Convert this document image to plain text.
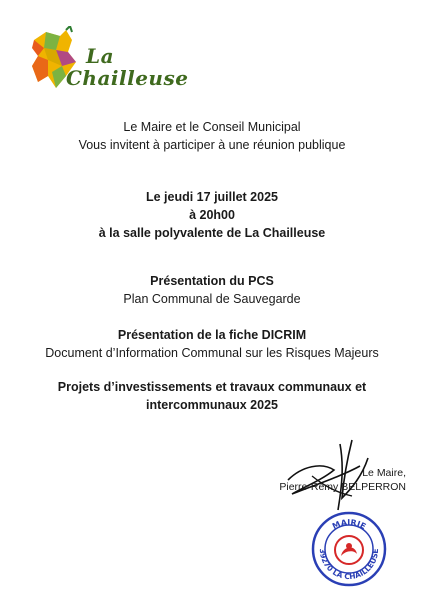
La
Chailleuse
Le Maire et le Conseil Municipal
Vous invitent à participer à une réunion publique
Le jeudi 17 juillet 2025
à 20h00
à la salle polyvalente de La Chailleuse
Présentation du PCS
Plan Communal de Sauvegarde
Présentation de la fiche DICRIM
Document d’Information Communal sur les Risques Majeurs
Projets d’investissements et travaux communaux et
intercommunaux 2025
Le Maire,
Pierre-Rémy BELPERRON
MAIRIE
39270 LA CHAILLEUSE
